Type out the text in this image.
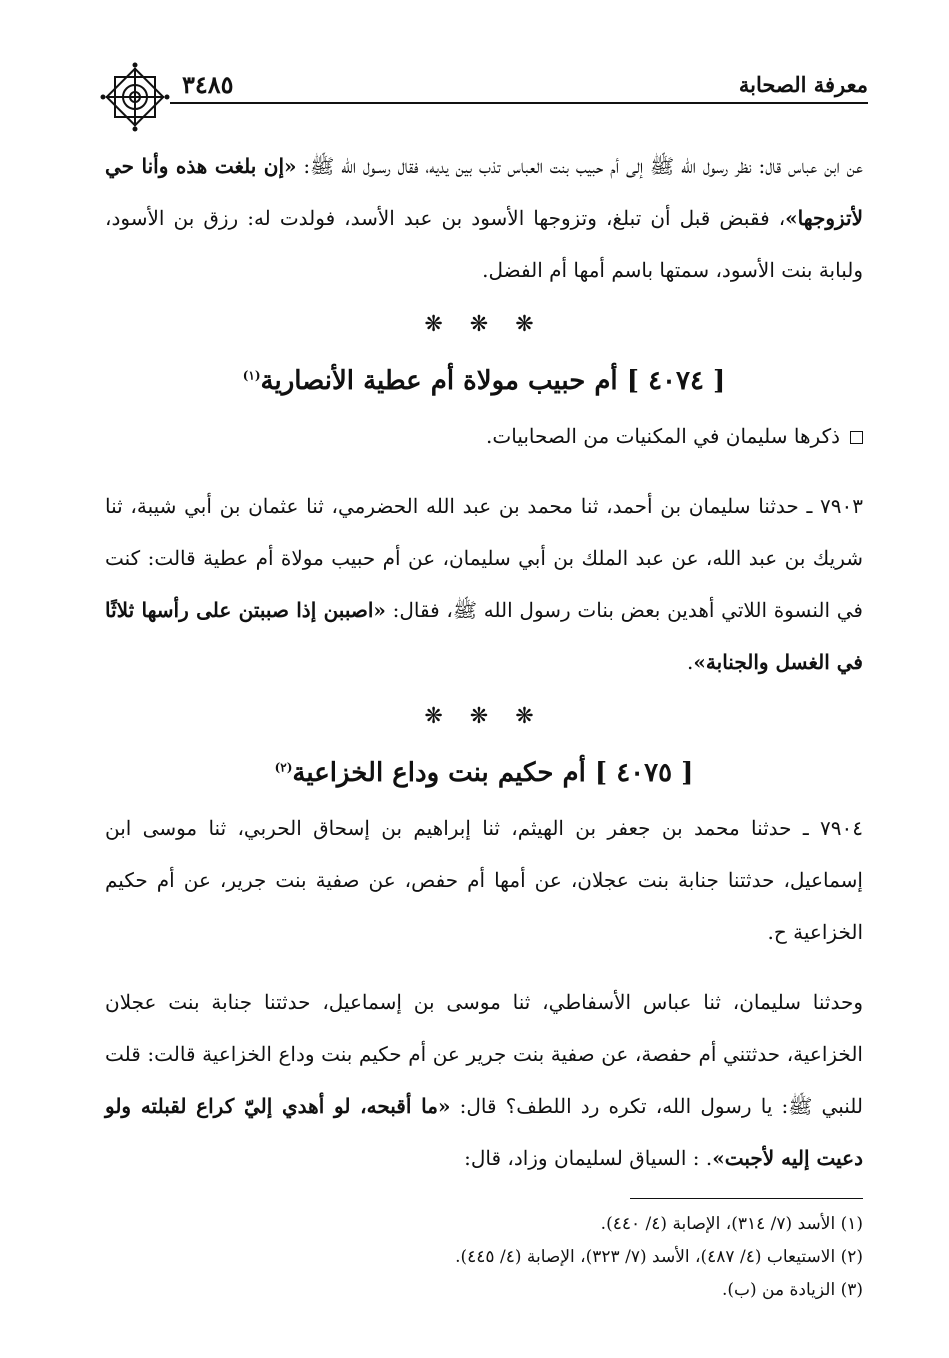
٣٤٨٥	معرفة الصحابة

عن ابن عباس قال: نظر رسول الله ﷺ إلى أم حبيب بنت العباس تذب بين يديه، فقال رسـول الله ﷺ: «إن بلغت هذه وأنا حي لأتزوجها»، فقبض قبل أن تبلغ، وتزوجها الأسود بن عبد الأسد، فولدت له: رزق بن الأسود، ولبابة بنت الأسود، سمتها باسم أمها أم الفضل.

❋ ❋ ❋

[ ٤٠٧٤ ] أم حبيب مولاة أم عطية الأنصارية$^{(١)}$

ذكرها سليمان في المكنيات من الصحابيات.

٧٩٠٣ ـ حدثنا سليمان بن أحمد، ثنا محمد بن عبد الله الحضرمي، ثنا عثمان بن أبي شيبة، ثنا شريك بن عبد الله، عن عبد الملك بن أبي سليمان، عن أم حبيب مولاة أم عطية قالت: كنت في النسوة اللاتي أهدين بعض بنات رسول الله ﷺ، فقال: «اصببن إذا صببتن على رأسها ثلاثًا في الغسل والجنابة».

❋ ❋ ❋

[ ٤٠٧٥ ] أم حكيم بنت وداع الخزاعية$^{(٢)}$

٧٩٠٤ ـ حدثنا محمد بن جعفر بن الهيثم، ثنا إبراهيم بن إسحاق الحربي، ثنا موسى ابن إسماعيل، حدثتنا جنابة بنت عجلان، عن أمها أم حفص، عن صفية بنت جرير، عن أم حكيم الخزاعية ح.

وحدثنا سليمان، ثنا عباس الأسفاطي، ثنا موسى بن إسماعيل، حدثتنا جنابة بنت عجلان الخزاعية، حدثتني أم حفصة، عن صفية بنت جرير عن أم حكيم بنت وداع الخزاعية قالت: قلت للنبي ﷺ: يا رسول الله، تكره رد اللطف؟ قال: «ما أقبحه، لو أهدي إليّ كراع لقبلته ولو دعيت إليه لأجبت». : السياق لسليمان وزاد، قال:

(١) الأسد (٧/ ٣١٤)، الإصابة (٤/ ٤٤٠).

(٢) الاستيعاب (٤/ ٤٨٧)، الأسد (٧/ ٣٢٣)، الإصابة (٤/ ٤٤٥).

(٣) الزيادة من (ب).
